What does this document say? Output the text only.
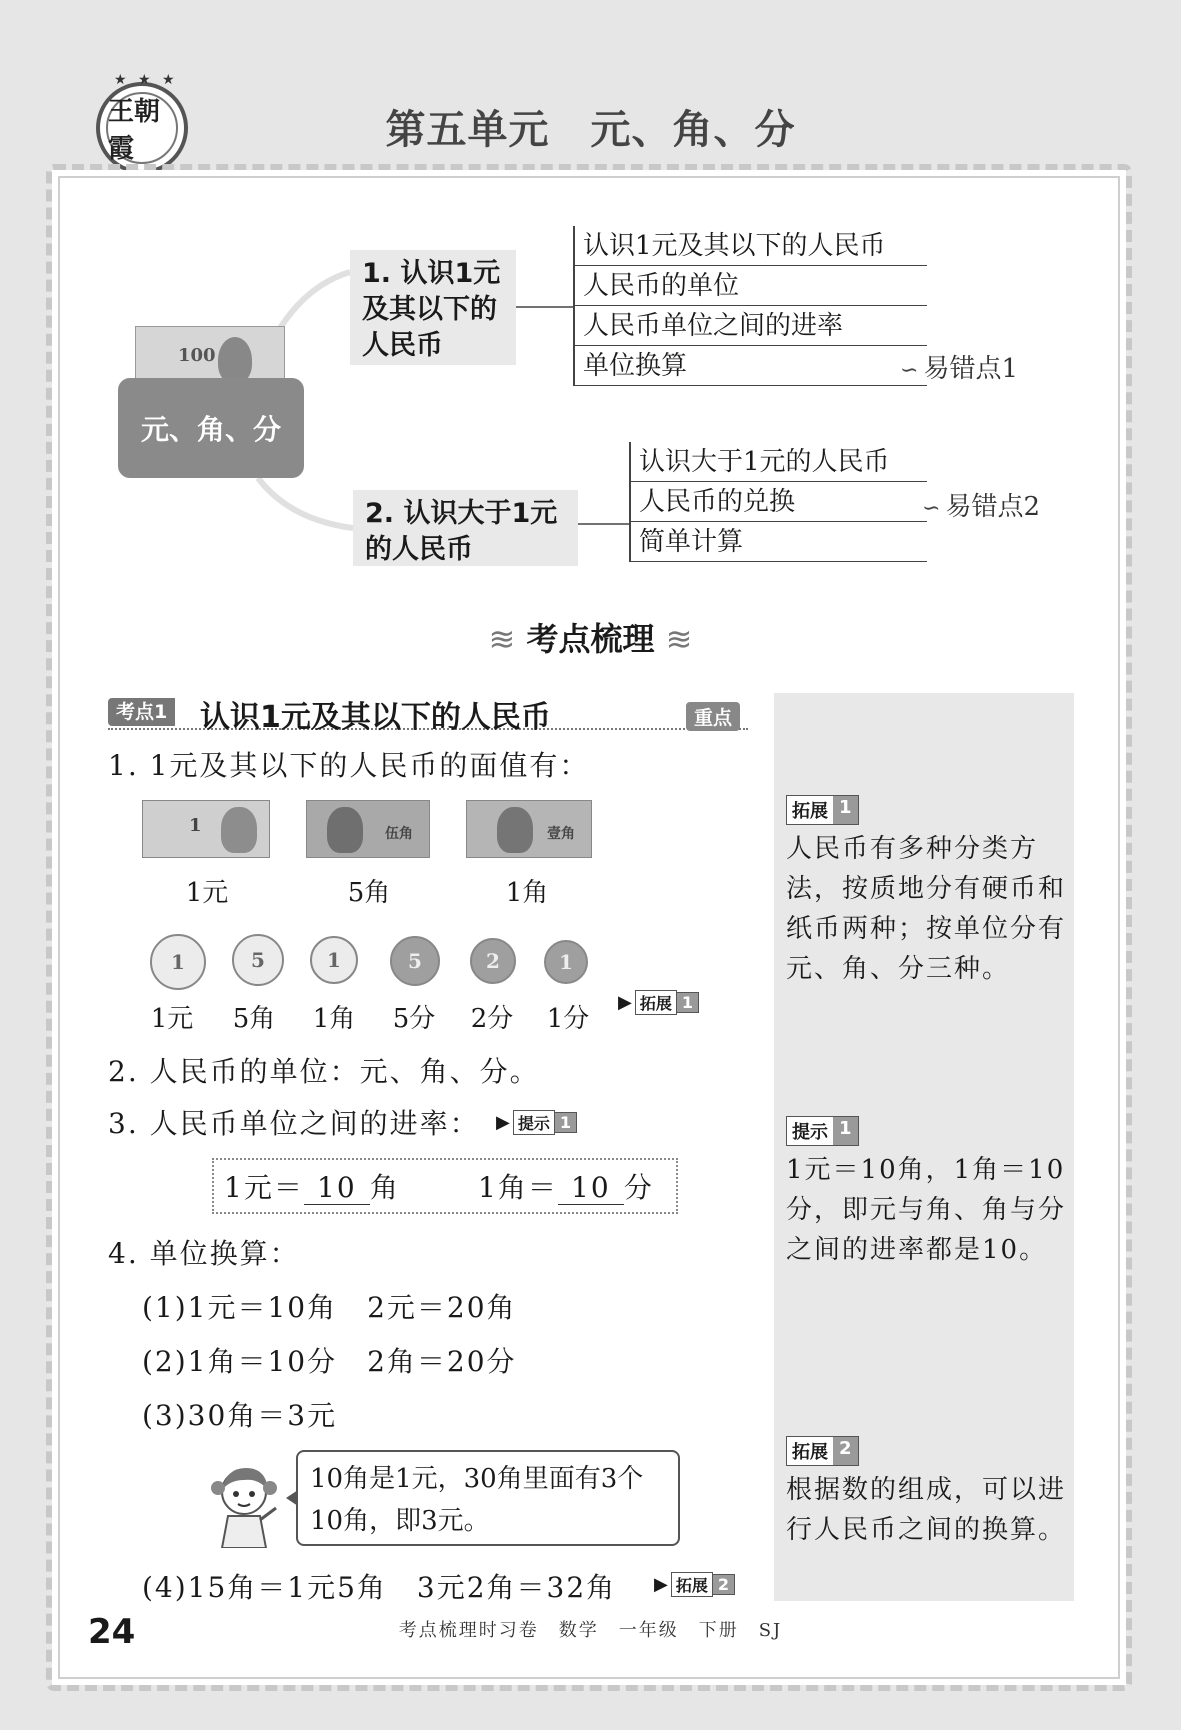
★ ★ ★
王朝霞	第五单元　元、角、分
100
元、角、分
1. 认识1元及其以下的人民币
认识1元及其以下的人民币
人民币的单位
人民币单位之间的进率
单位换算	∽ 易错点1
2. 认识大于1元的人民币
认识大于1元的人民币
人民币的兑换
简单计算
∽ 易错点2
≋ 考点梳理 ≋
拓展 1
人民币有多种分类方
法，按质地分有硬币和
纸币两种；按单位分有
元、角、分三种。
提示 1
1元＝10角，1角＝10
分，即元与角、角与分
之间的进率都是10。
拓展 2
根据数的组成，可以进
行人民币之间的换算。
考点1 认识1元及其以下的人民币	重点
1. 1元及其以下的人民币的面值有：
1	伍角	壹角
1元	5角	1角
1	5	1	5	2	1
1元	5角	1角	5分	2分	1分
▶ 拓展 1
2. 人民币的单位：元、角、分。
3. 人民币单位之间的进率： ▶ 提示 1
1元＝ 10 角	1角＝ 10 分
4. 单位换算：
(1)1元＝10角　2元＝20角
(2)1角＝10分　2角＝20分
(3)30角＝3元
10角是1元，30角里面有3个
10角，即3元。
(4)15角＝1元5角　3元2角＝32角 ▶ 拓展 2
24	考点梳理时习卷　数学　一年级　下册　SJ
